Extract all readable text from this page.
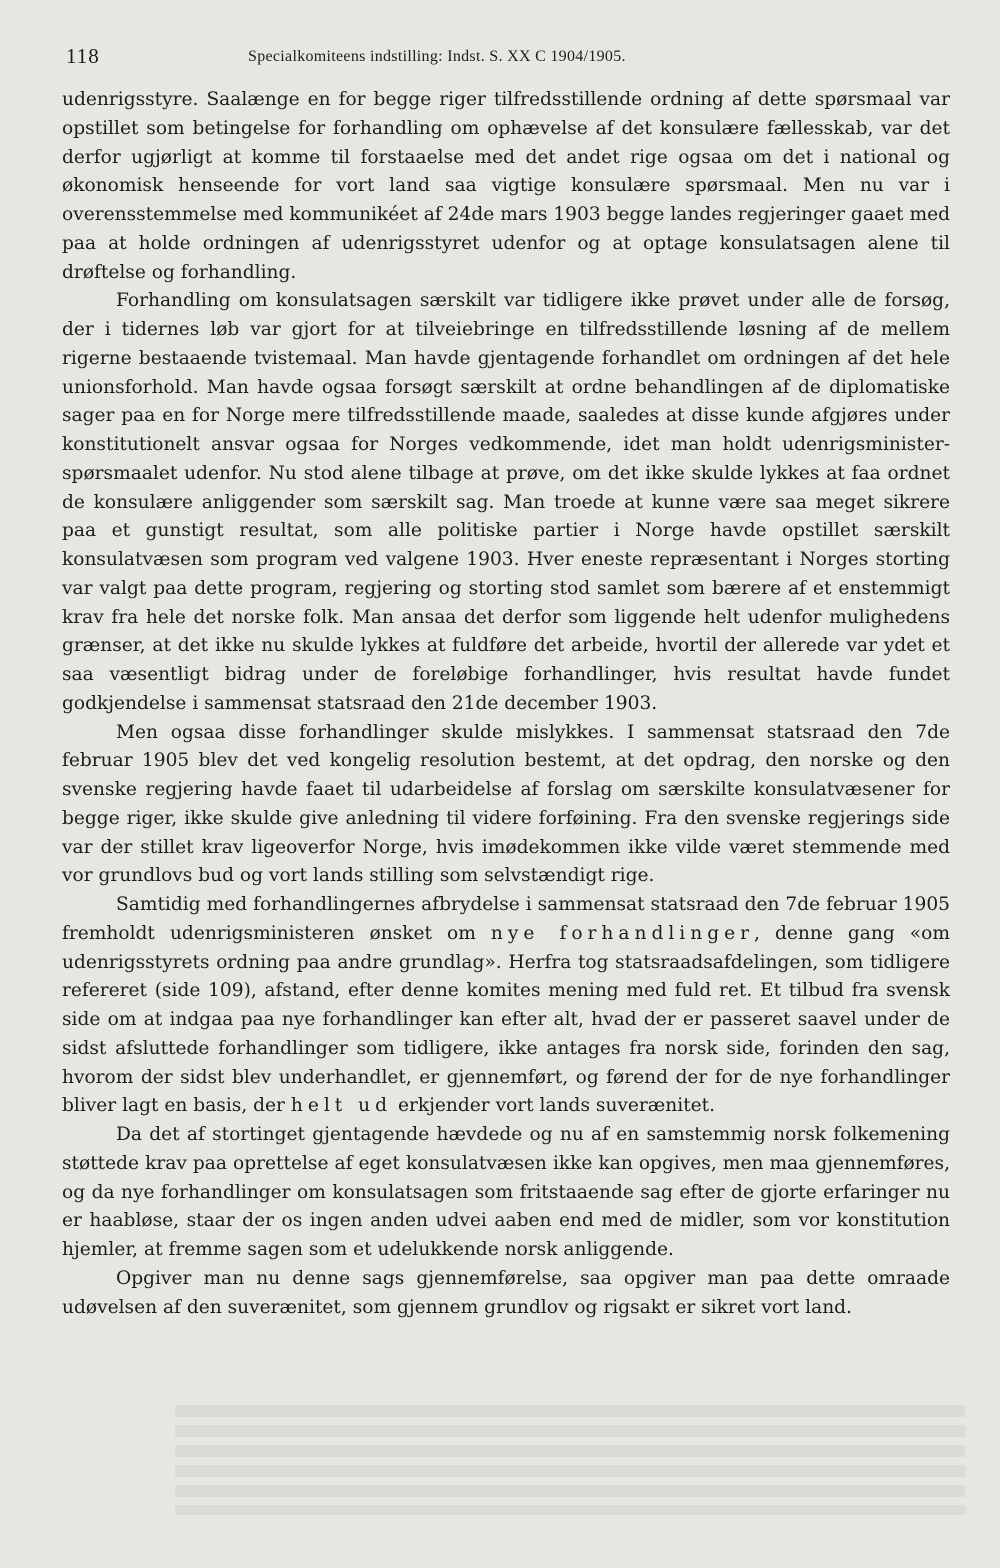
118	Specialkomiteens indstilling: Indst. S. XX C 1904/1905.

udenrigsstyre. Saalænge en for begge riger tilfredsstillende ordning af dette spørsmaal var opstillet som betingelse for forhandling om ophævelse af det konsulære fællesskab, var det derfor ugjørligt at komme til forstaaelse med det andet rige ogsaa om det i national og økonomisk henseende for vort land saa vigtige konsulære spørsmaal. Men nu var i overensstemmelse med kommunikéet af 24de mars 1903 begge landes regjeringer gaaet med paa at holde ordningen af udenrigsstyret udenfor og at optage konsulatsagen alene til drøftelse og forhandling.

Forhandling om konsulatsagen særskilt var tidligere ikke prøvet under alle de forsøg, der i tidernes løb var gjort for at tilveiebringe en tilfredsstillende løsning af de mellem rigerne bestaaende tvistemaal. Man havde gjentagende forhandlet om ordningen af det hele unionsforhold. Man havde ogsaa forsøgt særskilt at ordne behandlingen af de diplomatiske sager paa en for Norge mere tilfredsstillende maade, saaledes at disse kunde afgjøres under konstitutionelt ansvar ogsaa for Norges vedkommende, idet man holdt udenrigsminister-spørsmaalet udenfor. Nu stod alene tilbage at prøve, om det ikke skulde lykkes at faa ordnet de konsulære anliggender som særskilt sag. Man troede at kunne være saa meget sikrere paa et gunstigt resultat, som alle politiske partier i Norge havde opstillet særskilt konsulatvæsen som program ved valgene 1903. Hver eneste repræsentant i Norges storting var valgt paa dette program, regjering og storting stod samlet som bærere af et enstemmigt krav fra hele det norske folk. Man ansaa det derfor som liggende helt udenfor mulighedens grænser, at det ikke nu skulde lykkes at fuldføre det arbeide, hvortil der allerede var ydet et saa væsentligt bidrag under de foreløbige forhandlinger, hvis resultat havde fundet godkjendelse i sammensat statsraad den 21de december 1903.

Men ogsaa disse forhandlinger skulde mislykkes. I sammensat statsraad den 7de februar 1905 blev det ved kongelig resolution bestemt, at det opdrag, den norske og den svenske regjering havde faaet til udarbeidelse af forslag om særskilte konsulatvæsener for begge riger, ikke skulde give anledning til videre forføining. Fra den svenske regjerings side var der stillet krav ligeoverfor Norge, hvis imødekommen ikke vilde været stemmende med vor grundlovs bud og vort lands stilling som selvstændigt rige.

Samtidig med forhandlingernes afbrydelse i sammensat statsraad den 7de februar 1905 fremholdt udenrigsministeren ønsket om nye forhandlinger, denne gang «om udenrigsstyrets ordning paa andre grundlag». Herfra tog statsraadsafdelingen, som tidligere refereret (side 109), afstand, efter denne komites mening med fuld ret. Et tilbud fra svensk side om at indgaa paa nye forhandlinger kan efter alt, hvad der er passeret saavel under de sidst afsluttede forhandlinger som tidligere, ikke antages fra norsk side, forinden den sag, hvorom der sidst blev underhandlet, er gjennemført, og førend der for de nye forhandlinger bliver lagt en basis, der helt ud erkjender vort lands suverænitet.

Da det af stortinget gjentagende hævdede og nu af en samstemmig norsk folkemening støttede krav paa oprettelse af eget konsulatvæsen ikke kan opgives, men maa gjennemføres, og da nye forhandlinger om konsulatsagen som fritstaaende sag efter de gjorte erfaringer nu er haabløse, staar der os ingen anden udvei aaben end med de midler, som vor konstitution hjemler, at fremme sagen som et udelukkende norsk anliggende.

Opgiver man nu denne sags gjennemførelse, saa opgiver man paa dette omraade udøvelsen af den suverænitet, som gjennem grundlov og rigsakt er sikret vort land.
